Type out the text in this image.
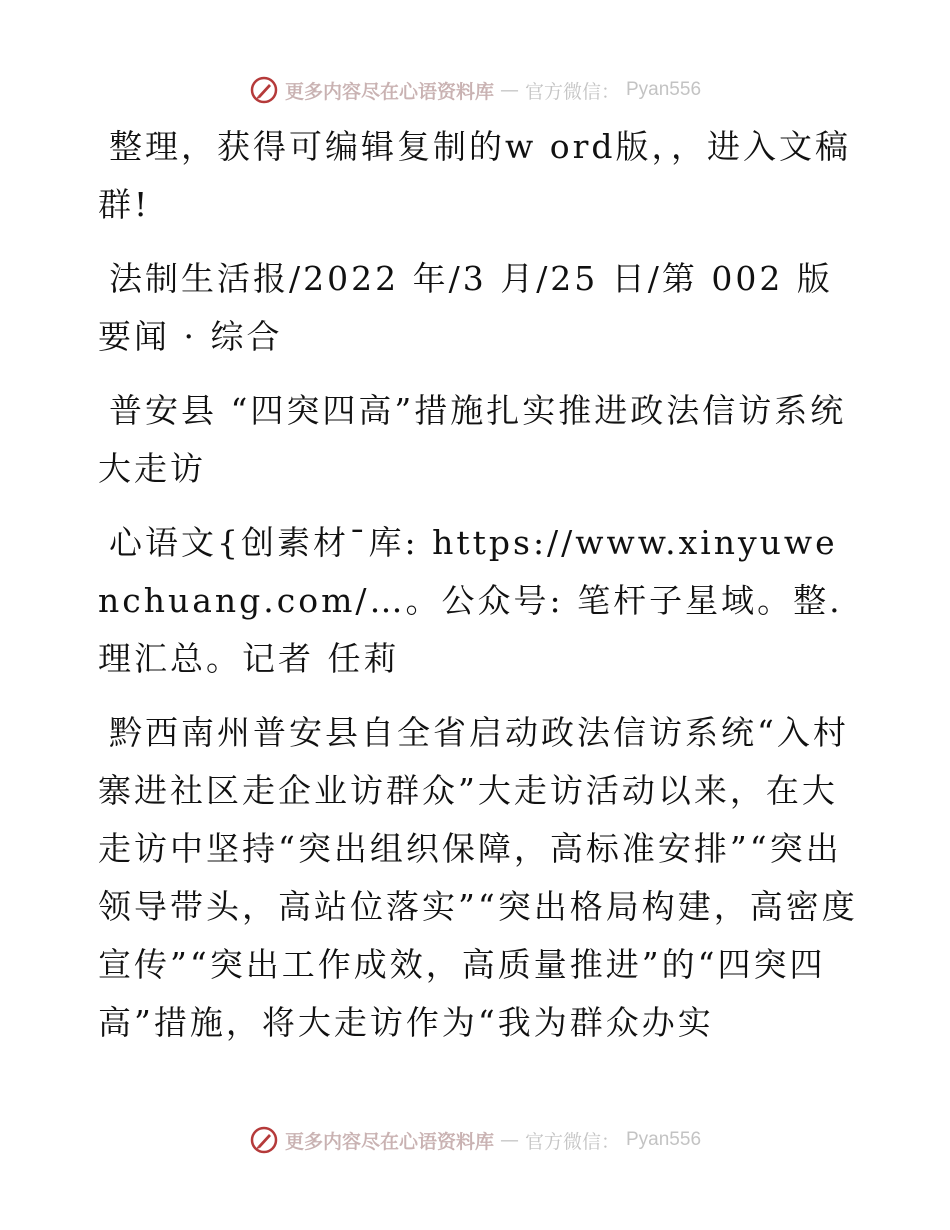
更多内容尽在心语资料库 — 官方微信： Pyan556

整理，获得可编辑复制的w ord版，，进入文稿群!

法制生活报/2022 年/3 月/25 日/第 002 版要闻 · 综合

普安县 “四突四高”措施扎实推进政法信访系统大走访

心语文{创素材¯库: https://www.xinyuwenchuang.com/…。公众号: 笔杆子星域。整.理汇总。记者 任莉

黔西南州普安县自全省启动政法信访系统“入村寨进社区走企业访群众”大走访活动以来，在大走访中坚持“突出组织保障，高标准安排”“突出领导带头，高站位落实”“突出格局构建，高密度宣传”“突出工作成效，高质量推进”的“四突四高”措施，将大走访作为“我为群众办实

更多内容尽在心语资料库 — 官方微信： Pyan556
